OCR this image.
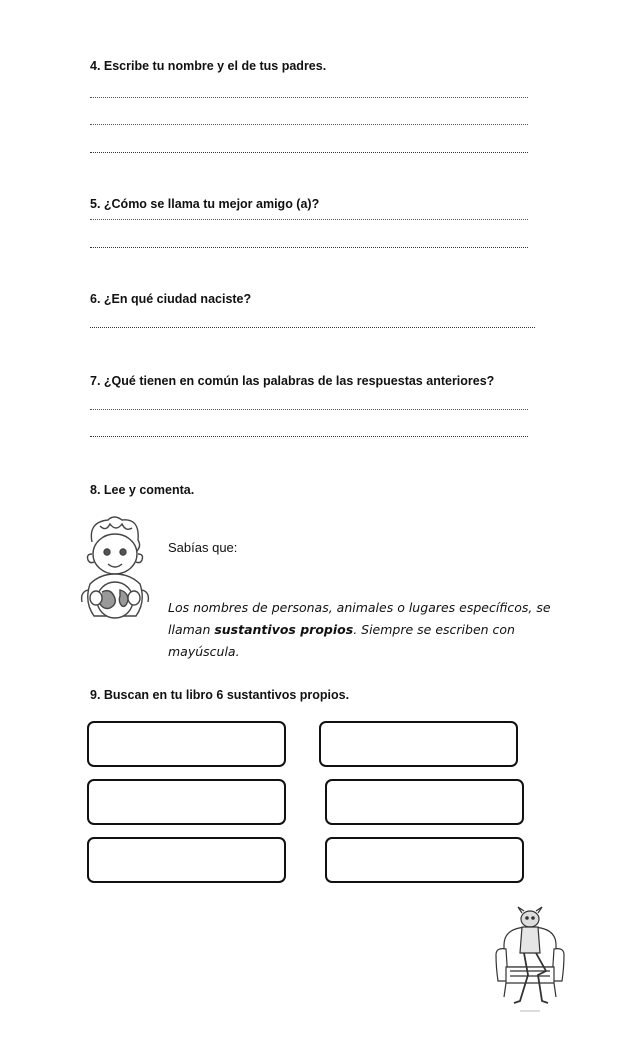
4. Escribe tu nombre y el de tus padres.
5. ¿Cómo se llama tu mejor amigo (a)?
6. ¿En qué ciudad naciste?
7. ¿Qué tienen en común las palabras de las respuestas anteriores?
8. Lee y comenta.
Sabías que:
Los nombres de personas, animales o lugares específicos, se llaman sustantivos propios. Siempre se escriben con mayúscula.
9. Buscan en tu libro 6 sustantivos propios.
